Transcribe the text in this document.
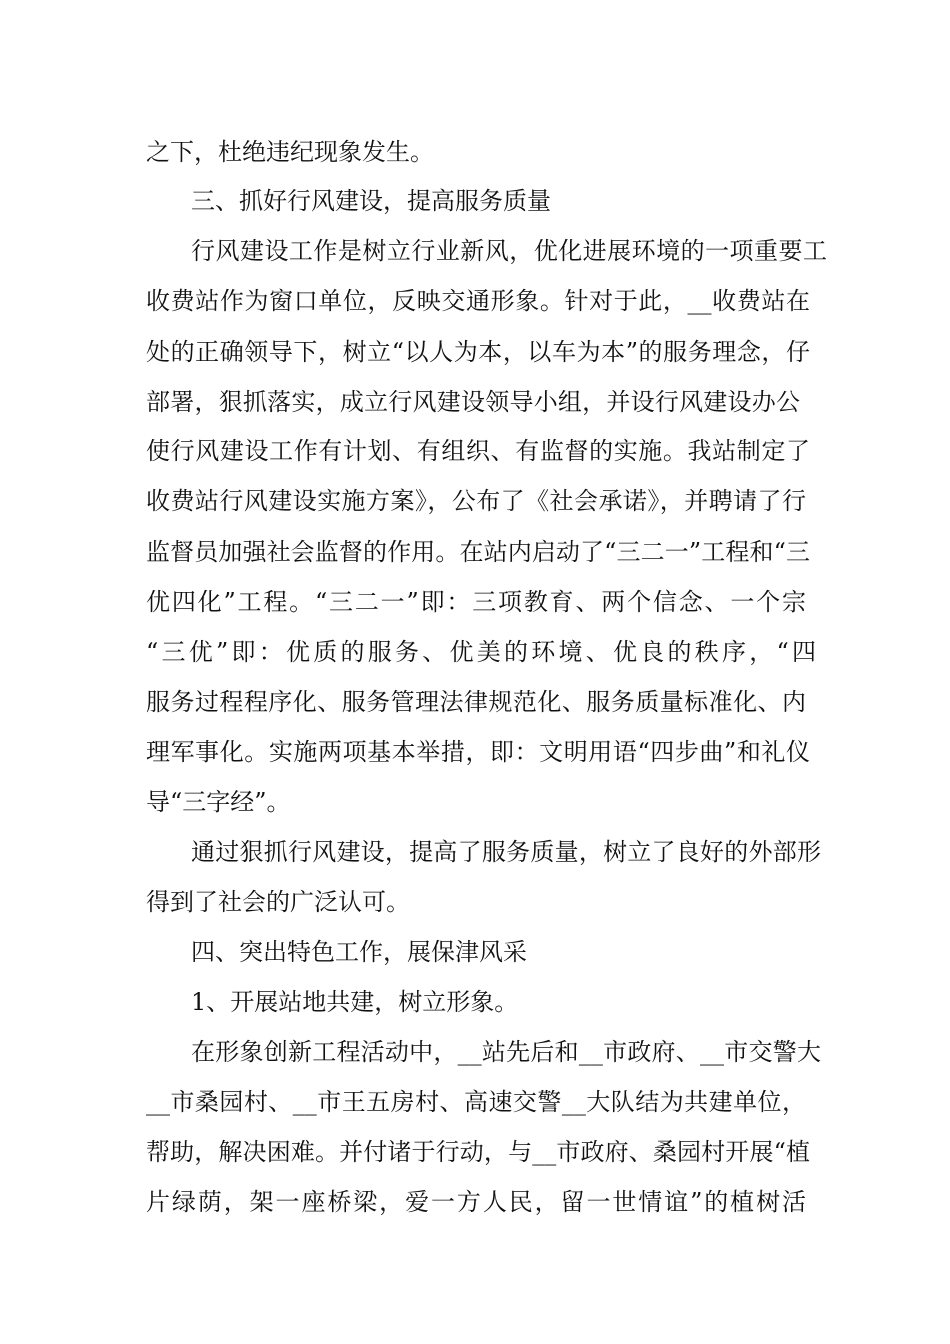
之下，杜绝违纪现象发生。
三、抓好行风建设，提高服务质量
行风建设工作是树立行业新风，优化进展环境的一项重要工
收费站作为窗口单位，反映交通形象。针对于此，__收费站在
处的正确领导下，树立“以人为本，以车为本”的服务理念，仔
部署，狠抓落实，成立行风建设领导小组，并设行风建设办公
使行风建设工作有计划、有组织、有监督的实施。我站制定了
收费站行风建设实施方案》，公布了《社会承诺》，并聘请了行
监督员加强社会监督的作用。在站内启动了“三二一”工程和“三
优四化”工程。“三二一”即：三项教育、两个信念、一个宗
“三优”即：优质的服务、优美的环境、优良的秩序，“四
服务过程程序化、服务管理法律规范化、服务质量标准化、内
理军事化。实施两项基本举措，即：文明用语“四步曲”和礼仪
导“三字经”。
通过狠抓行风建设，提高了服务质量，树立了良好的外部形
得到了社会的广泛认可。
四、突出特色工作，展保津风采
1、开展站地共建，树立形象。
在形象创新工程活动中，__站先后和__市政府、__市交警大
__市桑园村、__市王五房村、高速交警__大队结为共建单位，
帮助，解决困难。并付诸于行动，与__市政府、桑园村开展“植
片绿荫，架一座桥梁，爱一方人民，留一世情谊”的植树活
